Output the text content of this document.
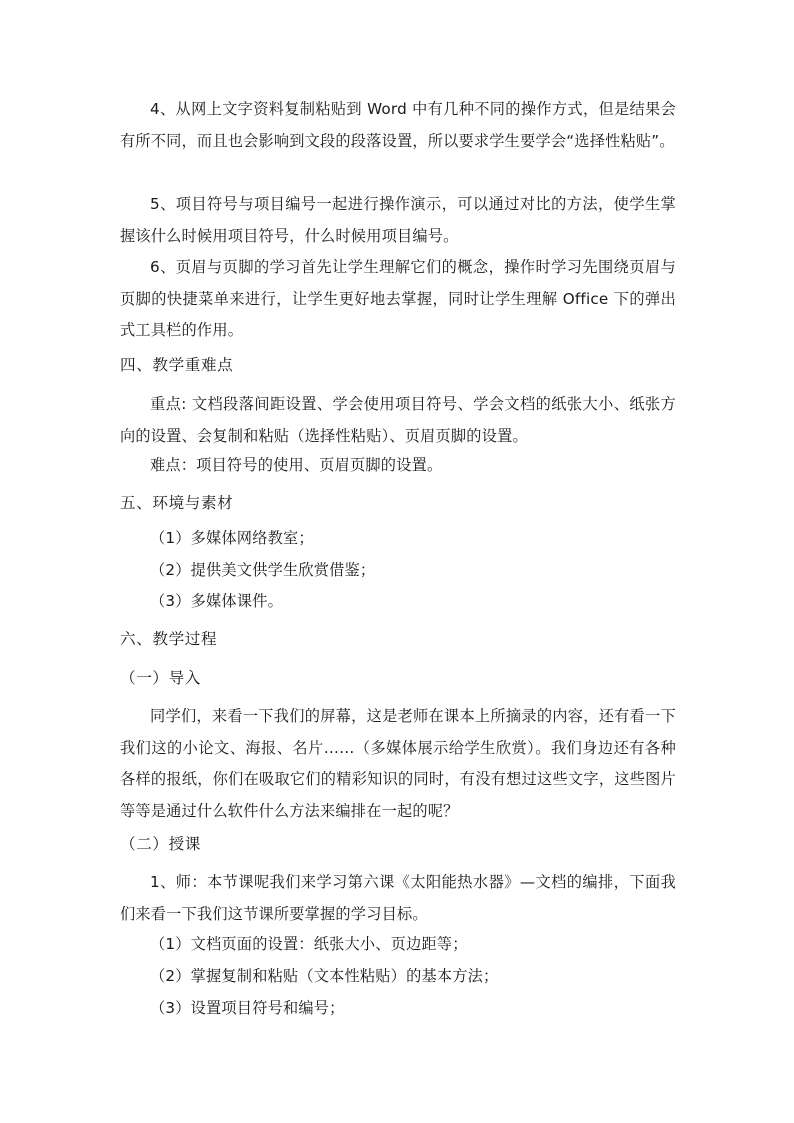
4、从网上文字资料复制粘贴到 Word 中有几种不同的操作方式，但是结果会有所不同，而且也会影响到文段的段落设置，所以要求学生要学会“选择性粘贴”。

5、项目符号与项目编号一起进行操作演示，可以通过对比的方法，使学生掌握该什么时候用项目符号，什么时候用项目编号。

6、页眉与页脚的学习首先让学生理解它们的概念，操作时学习先围绕页眉与页脚的快捷菜单来进行，让学生更好地去掌握，同时让学生理解 Office 下的弹出式工具栏的作用。

四、教学重难点

重点: 文档段落间距设置、学会使用项目符号、学会文档的纸张大小、纸张方向的设置、会复制和粘贴（选择性粘贴）、页眉页脚的设置。

难点：项目符号的使用、页眉页脚的设置。

五、环境与素材

（1）多媒体网络教室；

（2）提供美文供学生欣赏借鉴；

（3）多媒体课件。

六、教学过程

（一）导入

同学们，来看一下我们的屏幕，这是老师在课本上所摘录的内容，还有看一下我们这的小论文、海报、名片……（多媒体展示给学生欣赏）。我们身边还有各种各样的报纸，你们在吸取它们的精彩知识的同时，有没有想过这些文字，这些图片等等是通过什么软件什么方法来编排在一起的呢？

（二）授课

1、师：本节课呢我们来学习第六课《太阳能热水器》—文档的编排，下面我们来看一下我们这节课所要掌握的学习目标。

（1）文档页面的设置：纸张大小、页边距等；

（2）掌握复制和粘贴（文本性粘贴）的基本方法；

（3）设置项目符号和编号；
